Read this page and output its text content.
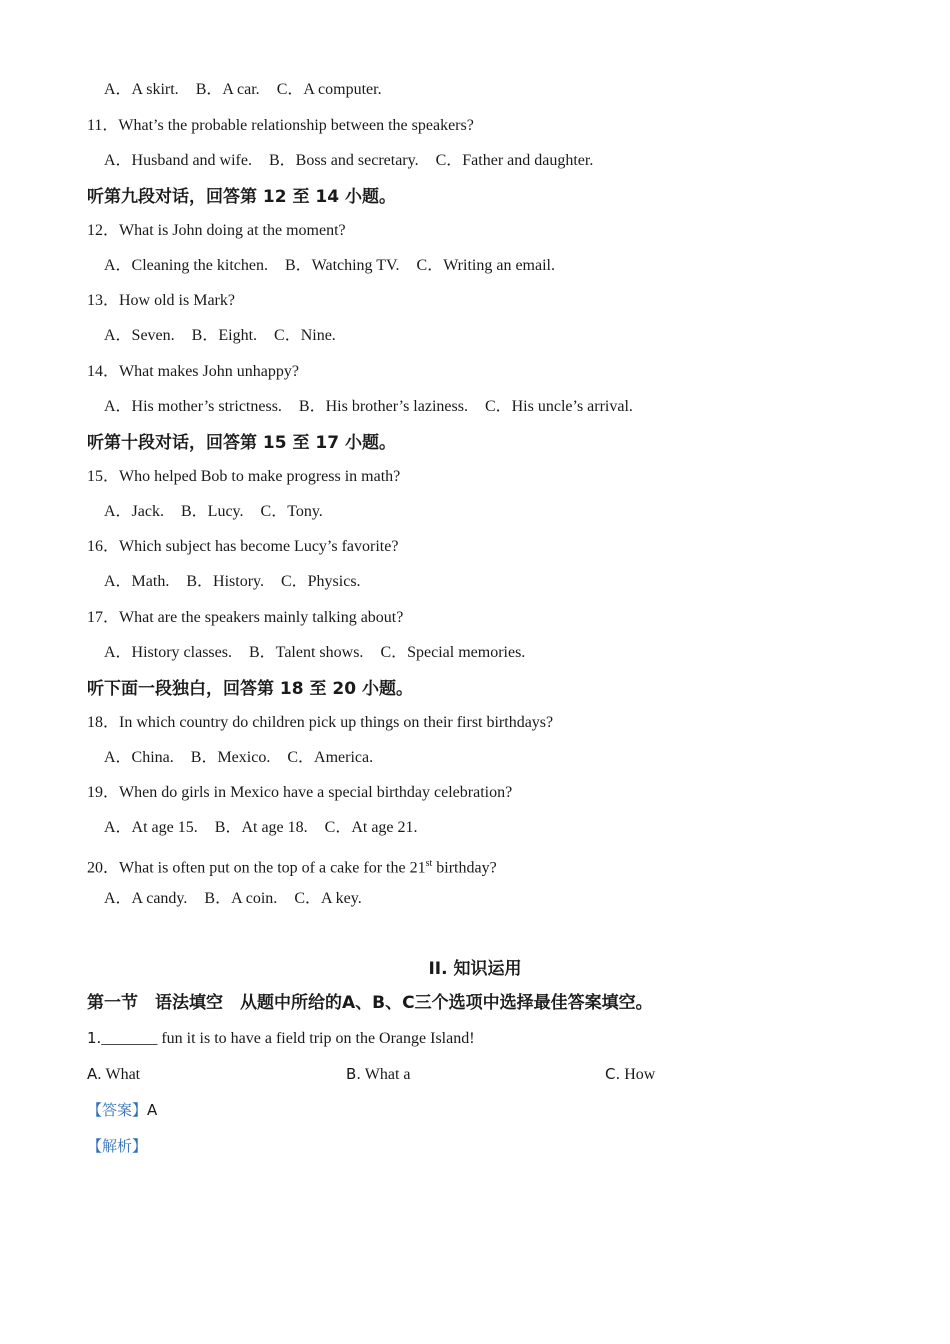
A．A skirt. B．A car. C．A computer.
11．What’s the probable relationship between the speakers?
A．Husband and wife. B．Boss and secretary. C．Father and daughter.
听第九段对话，回答第 12 至 14 小题。
12．What is John doing at the moment?
A．Cleaning the kitchen. B．Watching TV. C．Writing an email.
13．How old is Mark?
A．Seven. B．Eight. C．Nine.
14．What makes John unhappy?
A．His mother’s strictness. B．His brother’s laziness. C．His uncle’s arrival.
听第十段对话，回答第 15 至 17 小题。
15．Who helped Bob to make progress in math?
A．Jack. B．Lucy. C．Tony.
16．Which subject has become Lucy’s favorite?
A．Math. B．History. C．Physics.
17．What are the speakers mainly talking about?
A．History classes. B．Talent shows. C．Special memories.
听下面一段独白，回答第 18 至 20 小题。
18．In which country do children pick up things on their first birthdays?
A．China. B．Mexico. C．America.
19．When do girls in Mexico have a special birthday celebration?
A．At age 15. B．At age 18. C．At age 21.
20．What is often put on the top of a cake for the 21st birthday?
A．A candy. B．A coin. C．A key.
II. 知识运用
第一节　语法填空　从题中所给的A、B、C三个选项中选择最佳答案填空。
1._______ fun it is to have a field trip on the Orange Island!
A. What	B. What a	C. How
【答案】A
【解析】
